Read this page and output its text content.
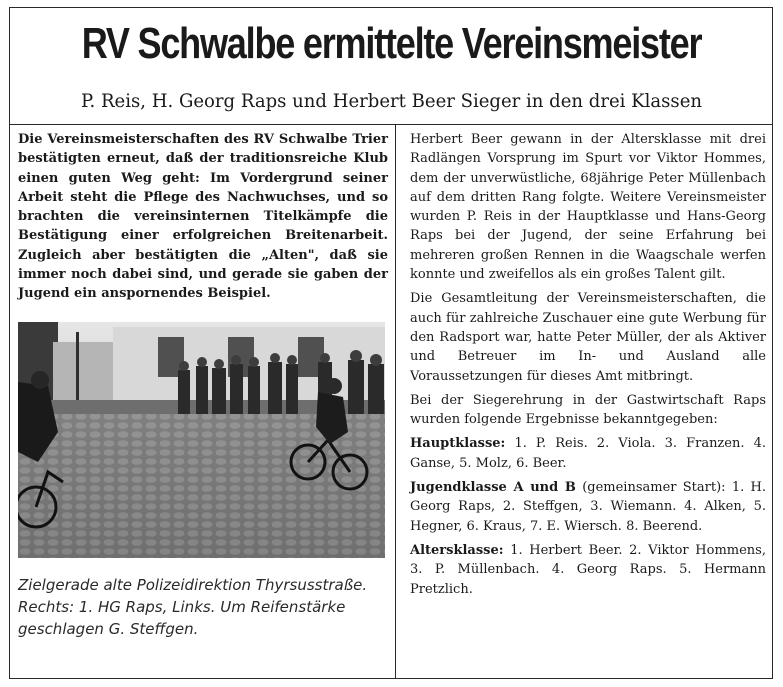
RV Schwalbe ermittelte Vereinsmeister
P. Reis, H. Georg Raps und Herbert Beer Sieger in den drei Klassen

Die Vereinsmeisterschaften des RV Schwalbe Trier bestätigten erneut, daß der traditionsreiche Klub einen guten Weg geht: Im Vordergrund seiner Arbeit steht die Pflege des Nachwuchses, und so brachten die vereinsinternen Titelkämpfe die Bestätigung einer erfolgreichen Breitenarbeit. Zugleich aber bestätigten die „Alten", daß sie immer noch dabei sind, und gerade sie gaben der Jugend ein anspornendes Beispiel.

Zielgerade alte Polizeidirektion Thyrsusstraße.
Rechts: 1. HG Raps, Links. Um Reifenstärke
geschlagen G. Steffgen.

Herbert Beer gewann in der Altersklasse mit drei Radlängen Vorsprung im Spurt vor Viktor Hommes, dem der unverwüstliche, 68jährige Peter Müllenbach auf dem dritten Rang folgte. Weitere Vereinsmeister wurden P. Reis in der Hauptklasse und Hans-Georg Raps bei der Jugend, der seine Erfahrung bei mehreren großen Rennen in die Waagschale werfen konnte und zweifellos als ein großes Talent gilt.

Die Gesamtleitung der Vereinsmeisterschaften, die auch für zahlreiche Zuschauer eine gute Werbung für den Radsport war, hatte Peter Müller, der als Aktiver und Betreuer im In- und Ausland alle Voraussetzungen für dieses Amt mitbringt.

Bei der Siegerehrung in der Gastwirtschaft Raps wurden folgende Ergebnisse bekanntgegeben:

Hauptklasse: 1. P. Reis. 2. Viola. 3. Franzen. 4. Ganse, 5. Molz, 6. Beer.

Jugendklasse A und B (gemeinsamer Start): 1. H. Georg Raps, 2. Steffgen, 3. Wiemann. 4. Alken, 5. Hegner, 6. Kraus, 7. E. Wiersch. 8. Beerend.

Altersklasse: 1. Herbert Beer. 2. Viktor Hommens, 3. P. Müllenbach. 4. Georg Raps. 5. Hermann Pretzlich.
